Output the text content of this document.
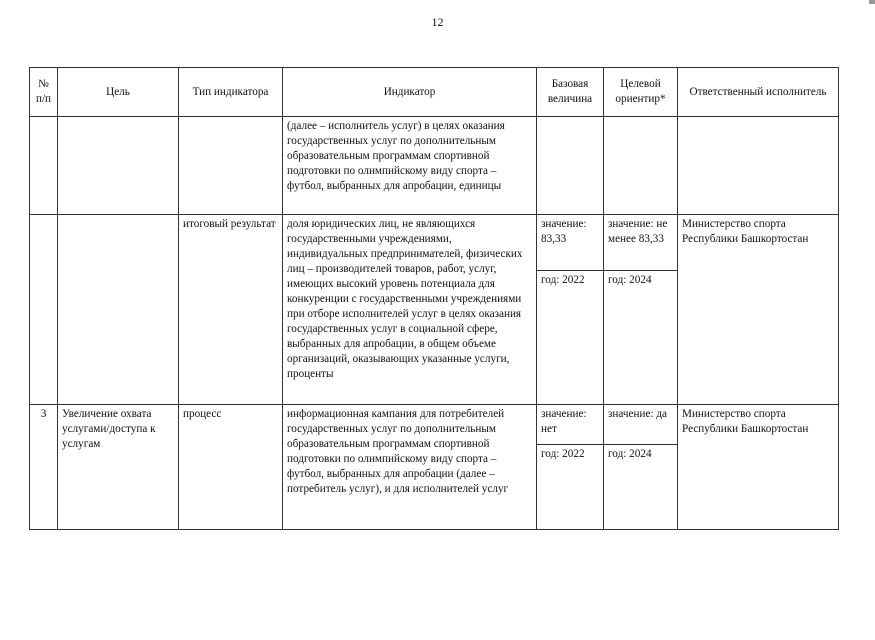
12
№ п/п	Цель	Тип индикатора	Индикатор	Базовая величина	Целевой ориентир*	Ответственный исполнитель
			(далее – исполнитель услуг) в целях оказания государственных услуг по дополнительным образовательным программам спортивной подготовки по олимпийскому виду спорта – футбол, выбранных для апробации, единицы			
		итоговый результат	доля юридических лиц, не являющихся государственными учреждениями, индивидуальных предпринимателей, физических лиц – производителей товаров, работ, услуг, имеющих высокий уровень потенциала для конкуренции с государственными учреждениями при отборе исполнителей услуг в целях оказания государственных услуг в социальной сфере, выбранных для апробации, в общем объеме организаций, оказывающих указанные услуги, проценты	значение: 83,33	значение: не менее 83,33	Министерство спорта Республики Башкортостан
				год: 2022	год: 2024	
3	Увеличение охвата услугами/доступа к услугам	процесс	информационная кампания для потребителей государственных услуг по дополнительным образовательным программам спортивной подготовки по олимпийскому виду спорта – футбол, выбранных для апробации (далее – потребитель услуг), и для исполнителей услуг	значение: нет	значение: да	Министерство спорта Республики Башкортостан
				год: 2022	год: 2024	
